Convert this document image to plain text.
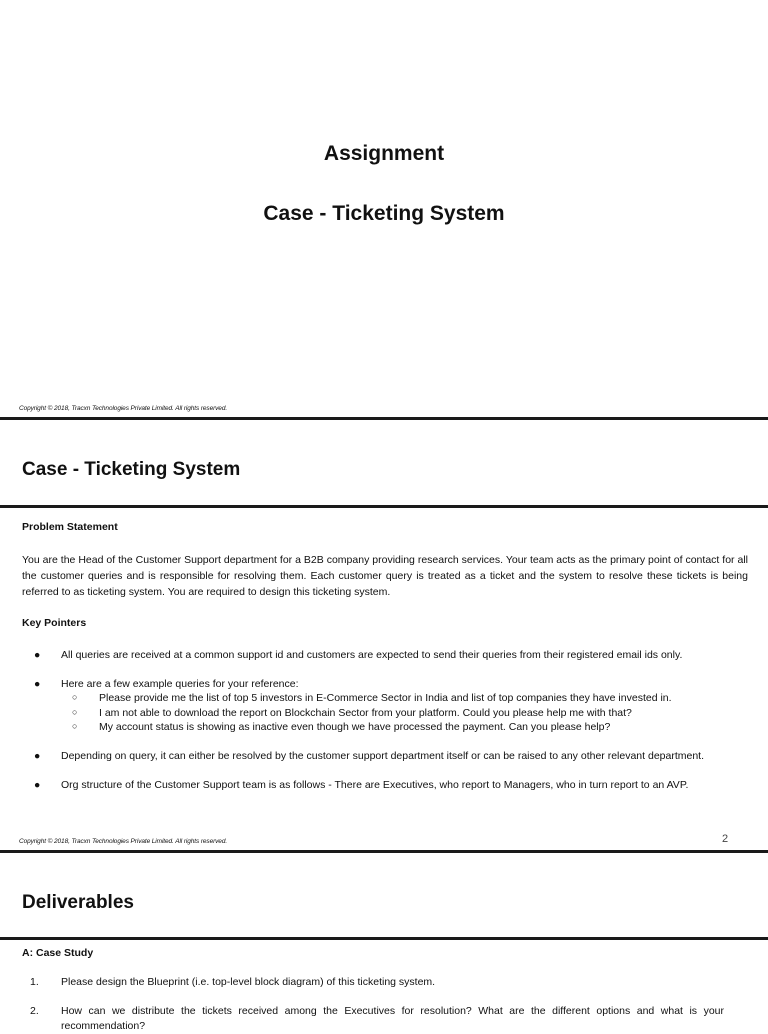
Assignment
Case - Ticketing System
Copyright © 2018, Tracxn Technologies Private Limited. All rights reserved.
Case - Ticketing System
Problem Statement
You are the Head of the Customer Support department for a B2B company providing research services. Your team acts as the primary point of contact for all the customer queries and is responsible for resolving them. Each customer query is treated as a ticket and the system to resolve these tickets is being referred to as ticketing system. You are required to design this ticketing system.
Key Pointers
●	All queries are received at a common support id and customers are expected to send their queries from their registered email ids only.
●	Here are a few example queries for your reference:
○ Please provide me the list of top 5 investors in E-Commerce Sector in India and list of top companies they have invested in.
○ I am not able to download the report on Blockchain Sector from your platform. Could you please help me with that?
○ My account status is showing as inactive even though we have processed the payment. Can you please help?
●	Depending on query, it can either be resolved by the customer support department itself or can be raised to any other relevant department.
●	Org structure of the Customer Support team is as follows - There are Executives, who report to Managers, who in turn report to an AVP.
Copyright © 2018, Tracxn Technologies Private Limited. All rights reserved.	2
Deliverables
A: Case Study
1. Please design the Blueprint (i.e. top-level block diagram) of this ticketing system.
2. How can we distribute the tickets received among the Executives for resolution? What are the different options and what is your recommendation?
